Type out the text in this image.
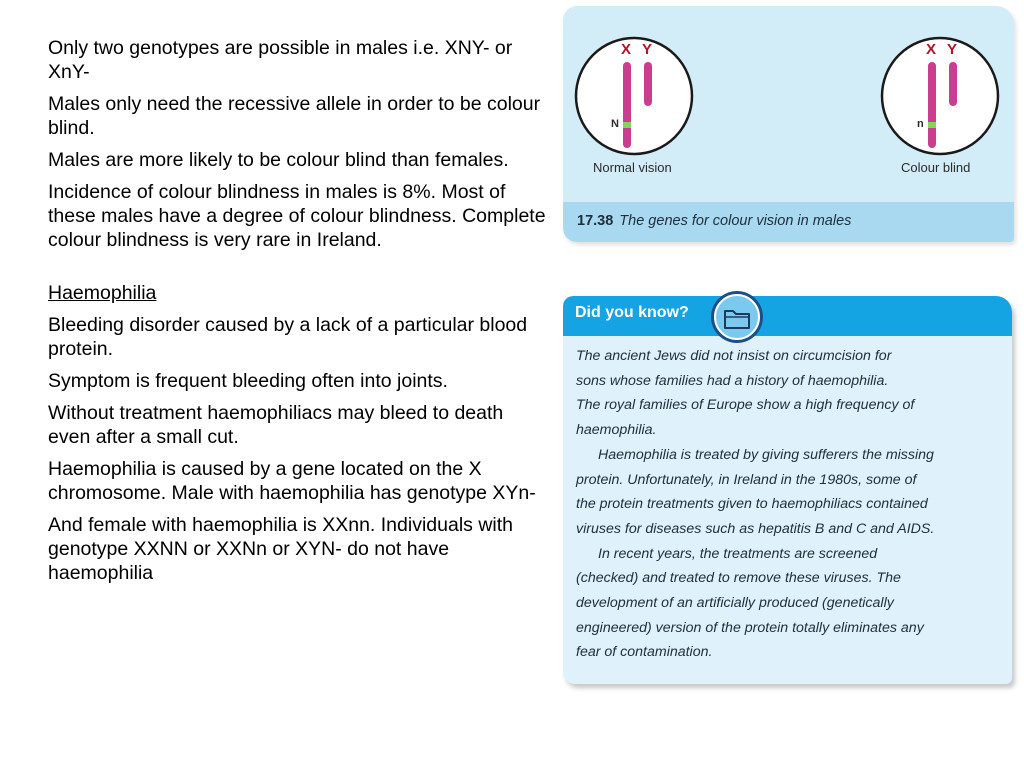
Only two genotypes are possible in males i.e. XNY- or XnY-

Males only need the recessive allele in order to be colour blind.

Males are more likely to be colour blind than females.

Incidence of colour blindness in males is 8%. Most of these males have a degree of colour blindness. Complete colour blindness is very rare in Ireland.

Haemophilia

Bleeding disorder caused by a lack of a particular blood protein.

Symptom is frequent bleeding often into joints.

Without treatment haemophiliacs may bleed to death even after a small cut.

Haemophilia is caused by a gene located on the X chromosome. Male with haemophilia has genotype XYn-

And female with haemophilia is XXnn. Individuals with genotype XXNN or XXNn or XYN- do not have haemophilia

X Y
N
Normal vision
X Y
n
Colour blind
17.38 The genes for colour vision in males
Did you know?

The ancient Jews did not insist on circumcision for

sons whose families had a history of haemophilia.

The royal families of Europe show a high frequency of

haemophilia.

Haemophilia is treated by giving sufferers the missing

protein. Unfortunately, in Ireland in the 1980s, some of

the protein treatments given to haemophiliacs contained

viruses for diseases such as hepatitis B and C and AIDS.

In recent years, the treatments are screened

(checked) and treated to remove these viruses. The

development of an artificially produced (genetically

engineered) version of the protein totally eliminates any

fear of contamination.
